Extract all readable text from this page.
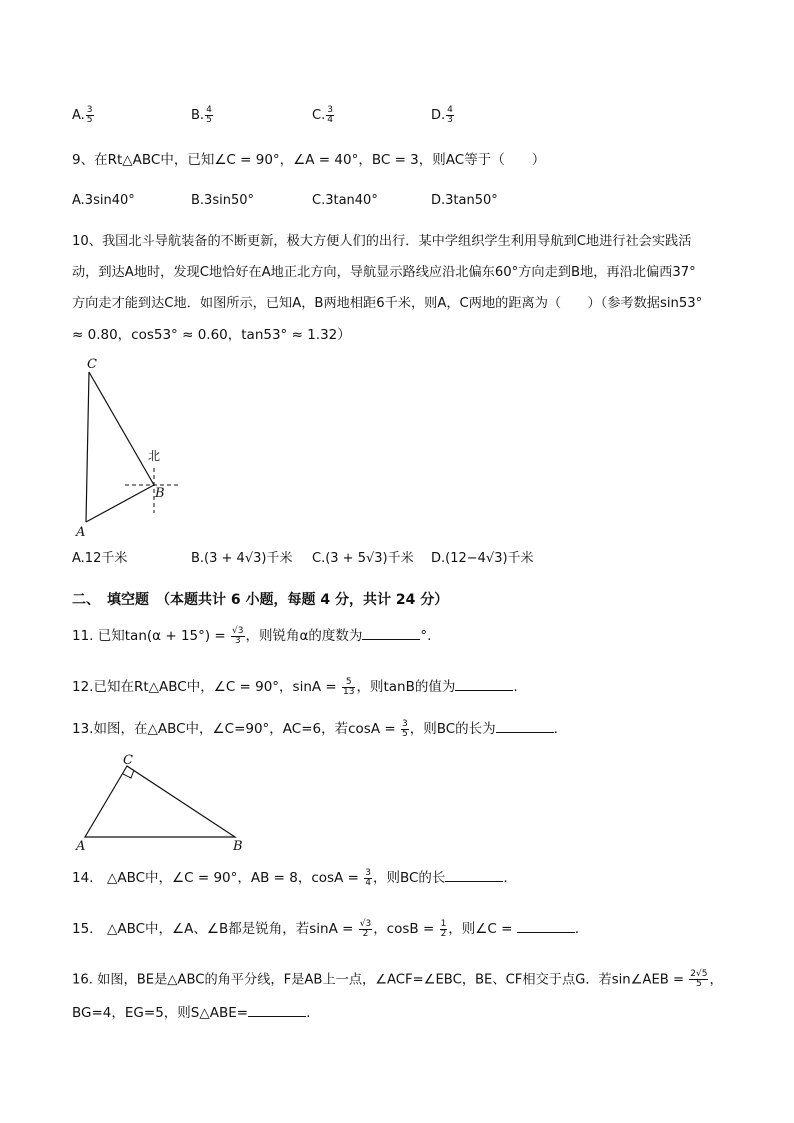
A. $\frac{3}{5}$	B. $\frac{4}{5}$	C. $\frac{3}{4}$	D. $\frac{4}{3}$
9、在Rt△ABC中，已知∠C = 90°，∠A = 40°，BC = 3，则AC等于（　　）
A.3sin40°	B.3sin50°	C.3tan40°	D.3tan50°
10、我国北斗导航装备的不断更新，极大方便人们的出行．某中学组织学生利用导航到C地进行社会实践活
动，到达A地时，发现C地恰好在A地正北方向，导航显示路线应沿北偏东60°方向走到B地，再沿北偏西37°
方向走才能到达C地．如图所示，已知A，B两地相距6千米，则A，C两地的距离为（　　）（参考数据sin53°
≈ 0.80，cos53° ≈ 0.60，tan53° ≈ 1.32）
C
B
A
北
A.12千米	B.(3 + 4√3)千米 C.(3 + 5√3)千米 D.(12−4√3)千米
二、　填空题　（本题共计 6 小题，每题 4 分，共计 24 分）
11. 已知$\tan(\alpha + 15^\circ) = \frac{√3}{3}$ ，则锐角α的度数为	°.
12.已知在Rt△ABC中，∠C = 90°，$\sin A = \frac{5}{13}$ ，则tanB的值为	.
13.如图，在△ABC中，∠C=90°，AC=6，若$\cos A = \frac{3}{5}$ ，则BC的长为	.
C
A	B
14.　△ABC中，∠C = 90°，AB = 8，$\cos A = \frac{3}{4}$ ，则BC的长	.
15.　△ABC中，∠A、∠B都是锐角，若$\sin A = \frac{√3}{2}$ ，$\cos B = \frac{1}{2}$ ，则∠C =	.
16. 如图，BE是△ABC的角平分线，F是AB上一点，∠ACF=∠EBC，BE、CF相交于点G．若sin∠AEB = $\frac{2√5}{5}$ ，
BG=4，EG=5，则S△ABE=	.
